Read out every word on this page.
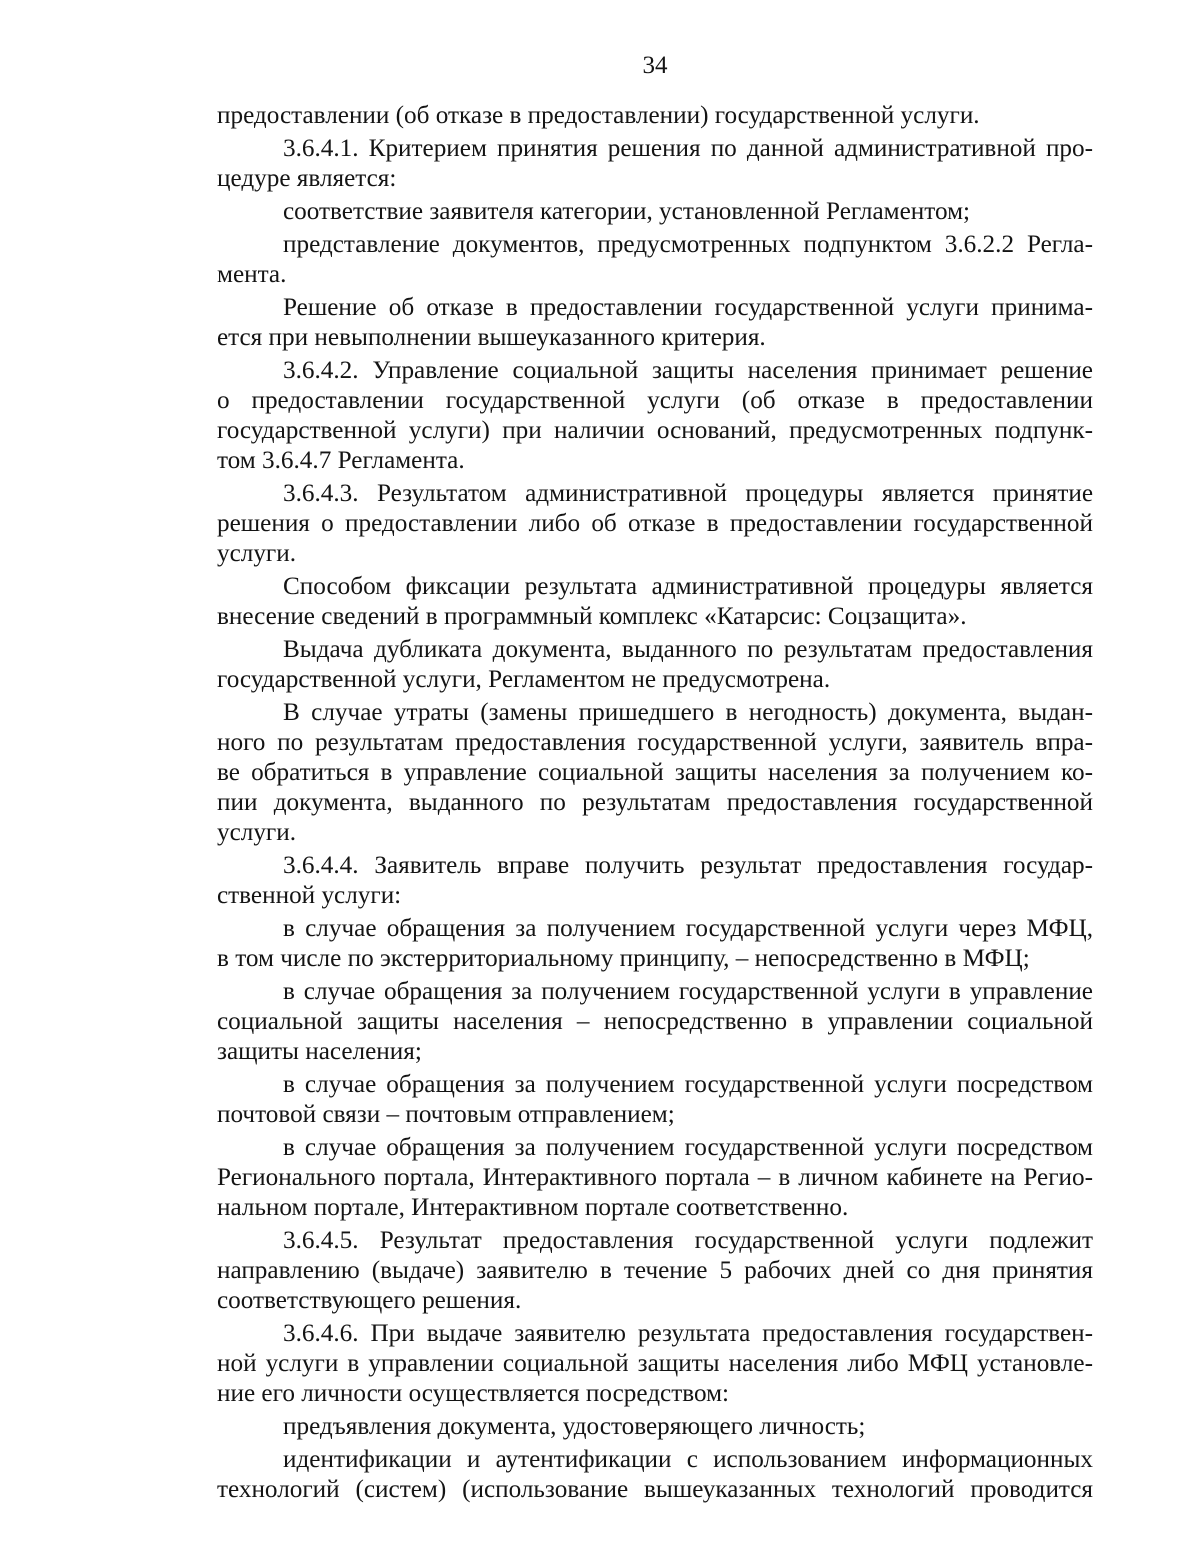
34
предоставлении (об отказе в предоставлении) государственной услуги.
3.6.4.1. Критерием принятия решения по данной административной про-
цедуре является:
соответствие заявителя категории, установленной Регламентом;
представление документов, предусмотренных подпунктом 3.6.2.2 Регла-
мента.
Решение об отказе в предоставлении государственной услуги принима-
ется при невыполнении вышеуказанного критерия.
3.6.4.2. Управление социальной защиты населения принимает решение
о предоставлении государственной услуги (об отказе в предоставлении
государственной услуги) при наличии оснований, предусмотренных подпунк-
том 3.6.4.7 Регламента.
3.6.4.3. Результатом административной процедуры является принятие
решения о предоставлении либо об отказе в предоставлении государственной
услуги.
Способом фиксации результата административной процедуры является
внесение сведений в программный комплекс «Катарсис: Соцзащита».
Выдача дубликата документа, выданного по результатам предоставления
государственной услуги, Регламентом не предусмотрена.
В случае утраты (замены пришедшего в негодность) документа, выдан-
ного по результатам предоставления государственной услуги, заявитель впра-
ве обратиться в управление социальной защиты населения за получением ко-
пии документа, выданного по результатам предоставления государственной
услуги.
3.6.4.4. Заявитель вправе получить результат предоставления государ-
ственной услуги:
в случае обращения за получением государственной услуги через МФЦ,
в том числе по экстерриториальному принципу, – непосредственно в МФЦ;
в случае обращения за получением государственной услуги в управление
социальной защиты населения – непосредственно в управлении социальной
защиты населения;
в случае обращения за получением государственной услуги посредством
почтовой связи – почтовым отправлением;
в случае обращения за получением государственной услуги посредством
Регионального портала, Интерактивного портала – в личном кабинете на Регио-
нальном портале, Интерактивном портале соответственно.
3.6.4.5. Результат предоставления государственной услуги подлежит
направлению (выдаче) заявителю в течение 5 рабочих дней со дня принятия
соответствующего решения.
3.6.4.6. При выдаче заявителю результата предоставления государствен-
ной услуги в управлении социальной защиты населения либо МФЦ установле-
ние его личности осуществляется посредством:
предъявления документа, удостоверяющего личность;
идентификации и аутентификации с использованием информационных
технологий (систем) (использование вышеуказанных технологий проводится
